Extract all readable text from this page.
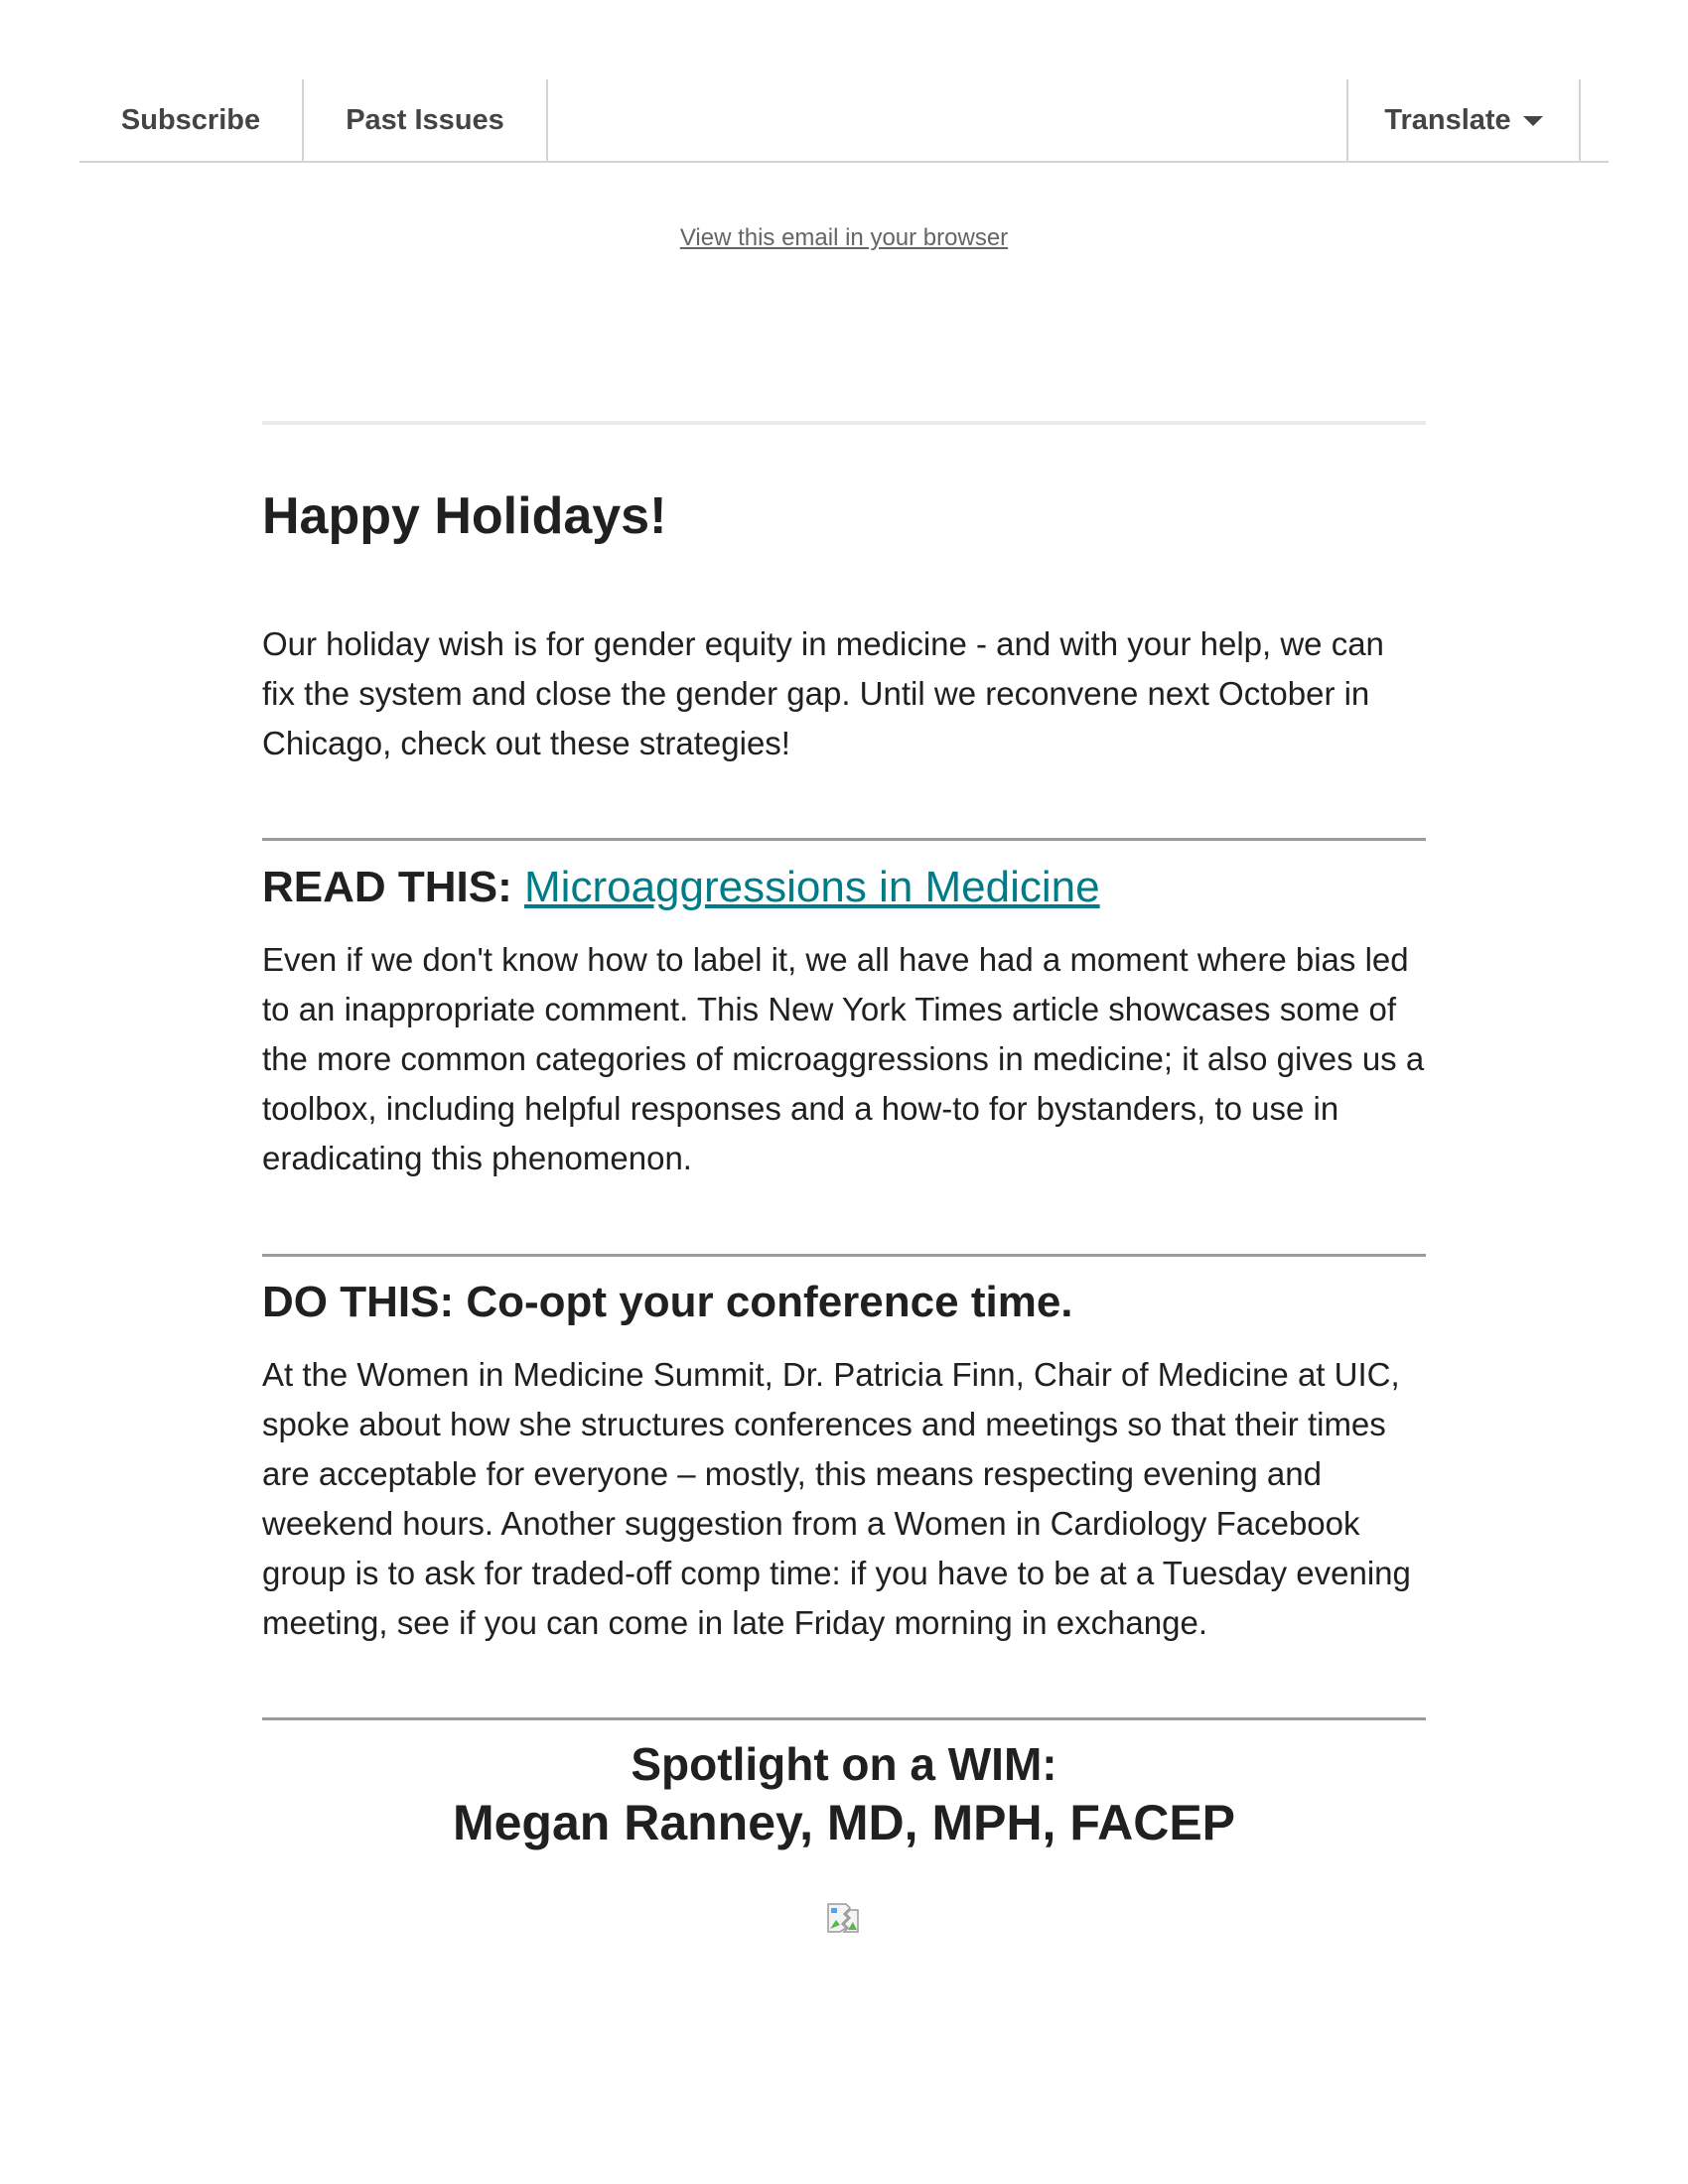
Subscribe	Past Issues	Translate
View this email in your browser
Happy Holidays!

Our holiday wish is for gender equity in medicine - and with your help, we can fix the system and close the gender gap. Until we reconvene next October in Chicago, check out these strategies!

READ THIS: Microaggressions in Medicine

Even if we don't know how to label it, we all have had a moment where bias led to an inappropriate comment. This New York Times article showcases some of the more common categories of microaggressions in medicine; it also gives us a toolbox, including helpful responses and a how-to for bystanders, to use in eradicating this phenomenon.

DO THIS: Co-opt your conference time.

At the Women in Medicine Summit, Dr. Patricia Finn, Chair of Medicine at UIC, spoke about how she structures conferences and meetings so that their times are acceptable for everyone – mostly, this means respecting evening and weekend hours. Another suggestion from a Women in Cardiology Facebook group is to ask for traded-off comp time: if you have to be at a Tuesday evening meeting, see if you can come in late Friday morning in exchange.

Spotlight on a WIM:
Megan Ranney, MD, MPH, FACEP
